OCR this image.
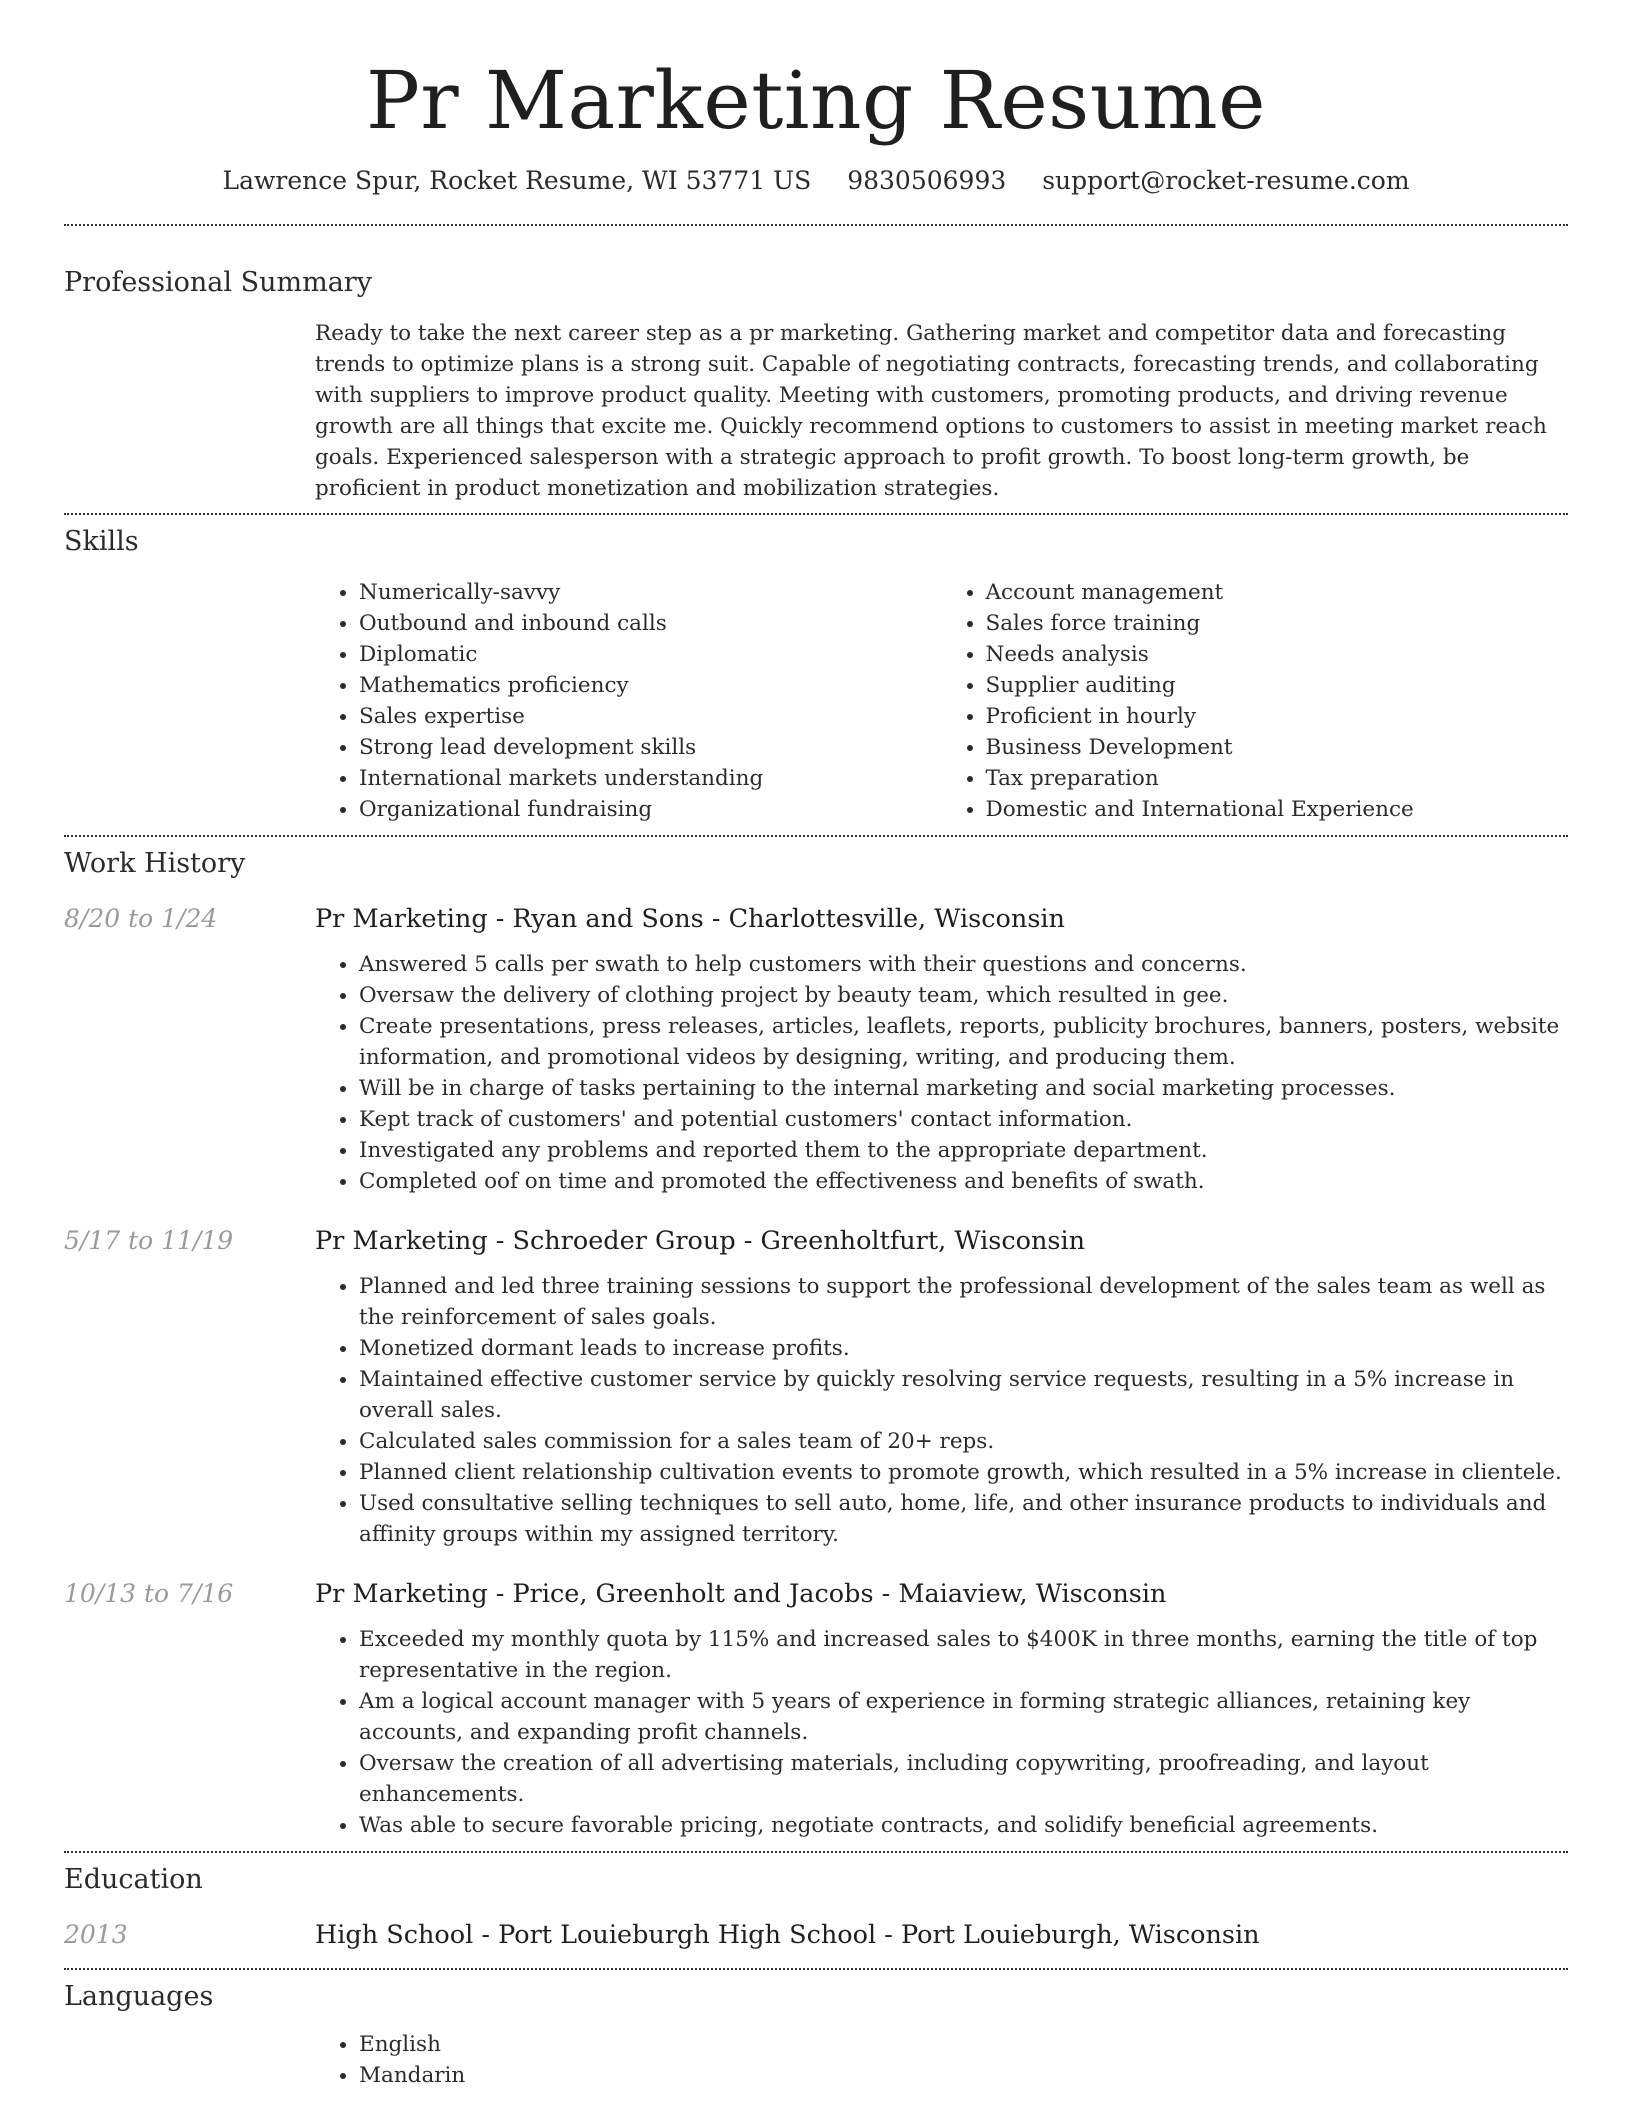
Pr Marketing Resume
Lawrence Spur, Rocket Resume, WI 53771 US 9830506993 support@rocket-resume.com
Professional Summary

Ready to take the next career step as a pr marketing. Gathering market and competitor data and forecasting trends to optimize plans is a strong suit. Capable of negotiating contracts, forecasting trends, and collaborating with suppliers to improve product quality. Meeting with customers, promoting products, and driving revenue growth are all things that excite me. Quickly recommend options to customers to assist in meeting market reach goals. Experienced salesperson with a strategic approach to profit growth. To boost long-term growth, be proficient in product monetization and mobilization strategies.

Skills
• Numerically-savvy
• Outbound and inbound calls
• Diplomatic
• Mathematics proficiency
• Sales expertise
• Strong lead development skills
• International markets understanding
• Organizational fundraising
• Account management
• Sales force training
• Needs analysis
• Supplier auditing
• Proficient in hourly
• Business Development
• Tax preparation
• Domestic and International Experience
Work History
8/20 to 1/24	Pr Marketing - Ryan and Sons - Charlottesville, Wisconsin
• Answered 5 calls per swath to help customers with their questions and concerns.
• Oversaw the delivery of clothing project by beauty team, which resulted in gee.
• Create presentations, press releases, articles, leaflets, reports, publicity brochures, banners, posters, website information, and promotional videos by designing, writing, and producing them.
• Will be in charge of tasks pertaining to the internal marketing and social marketing processes.
• Kept track of customers' and potential customers' contact information.
• Investigated any problems and reported them to the appropriate department.
• Completed oof on time and promoted the effectiveness and benefits of swath.
5/17 to 11/19	Pr Marketing - Schroeder Group - Greenholtfurt, Wisconsin
• Planned and led three training sessions to support the professional development of the sales team as well as the reinforcement of sales goals.
• Monetized dormant leads to increase profits.
• Maintained effective customer service by quickly resolving service requests, resulting in a 5% increase in overall sales.
• Calculated sales commission for a sales team of 20+ reps.
• Planned client relationship cultivation events to promote growth, which resulted in a 5% increase in clientele.
• Used consultative selling techniques to sell auto, home, life, and other insurance products to individuals and affinity groups within my assigned territory.
10/13 to 7/16	Pr Marketing - Price, Greenholt and Jacobs - Maiaview, Wisconsin
• Exceeded my monthly quota by 115% and increased sales to $400K in three months, earning the title of top representative in the region.
• Am a logical account manager with 5 years of experience in forming strategic alliances, retaining key accounts, and expanding profit channels.
• Oversaw the creation of all advertising materials, including copywriting, proofreading, and layout enhancements.
• Was able to secure favorable pricing, negotiate contracts, and solidify beneficial agreements.
Education
2013	High School - Port Louieburgh High School - Port Louieburgh, Wisconsin
Languages
• English
• Mandarin
